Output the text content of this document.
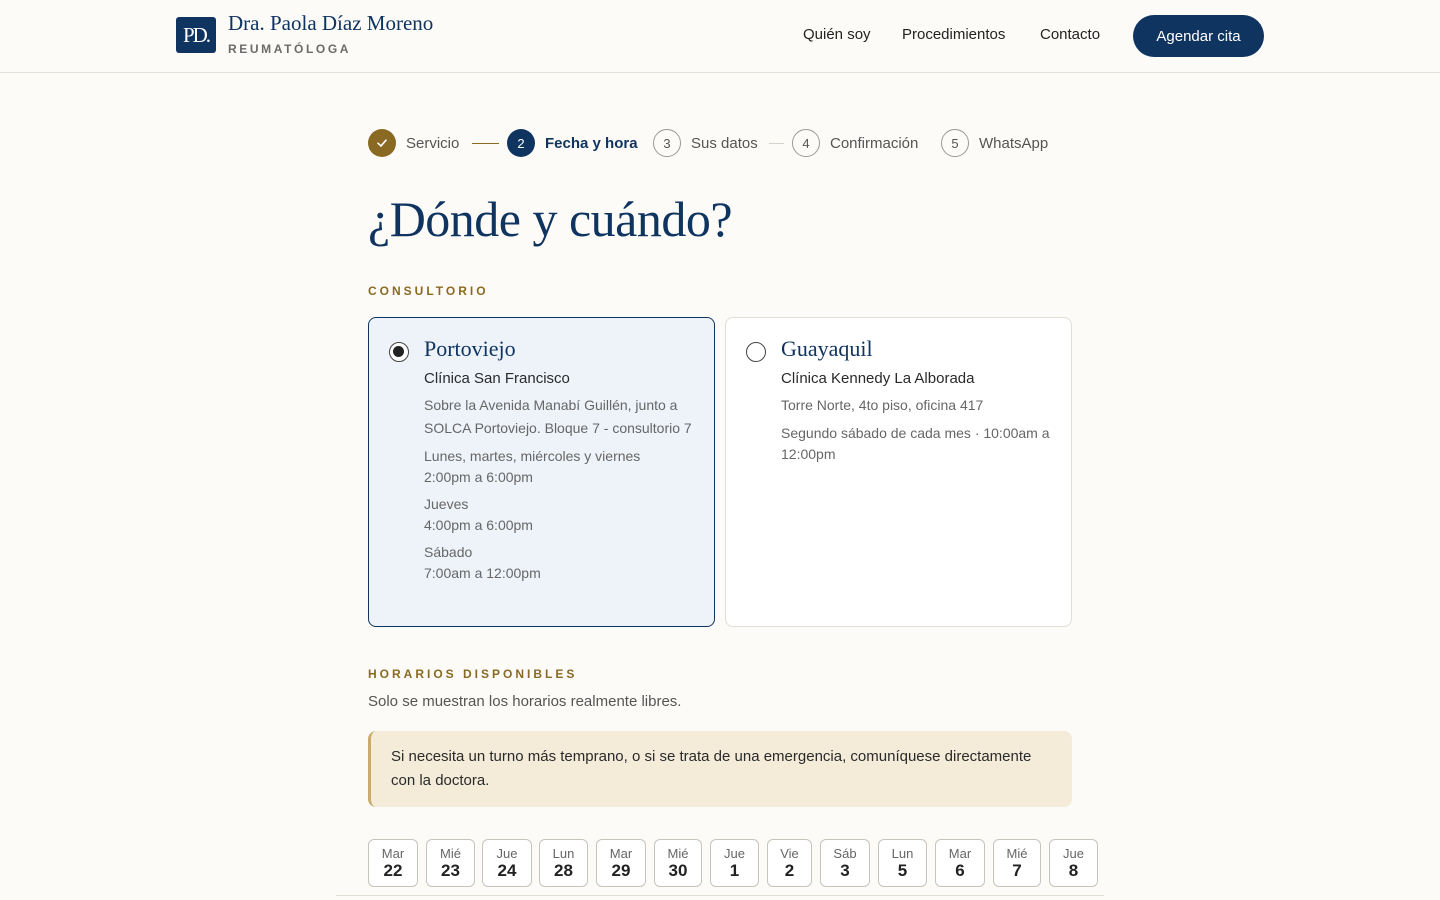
PD. Dra. Paola Díaz Moreno
REUMATÓLOGA
Quién soy Procedimientos Contacto	Agendar cita
Servicio	2	Fecha y hora	3	Sus datos	4	Confirmación	5	WhatsApp
¿Dónde y cuándo?
CONSULTORIO
Portoviejo
Clínica San Francisco
Sobre la Avenida Manabí Guillén, junto a SOLCA Portoviejo. Bloque 7 - consultorio 7
Lunes, martes, miércoles y viernes
2:00pm a 6:00pm
Jueves
4:00pm a 6:00pm
Sábado
7:00am a 12:00pm
Guayaquil
Clínica Kennedy La Alborada
Torre Norte, 4to piso, oficina 417
Segundo sábado de cada mes · 10:00am a 12:00pm
HORARIOS DISPONIBLES
Solo se muestran los horarios realmente libres.
Si necesita un turno más temprano, o si se trata de una emergencia, comuníquese directamente con la doctora.
Mar
22
Mié
23
Jue
24
Lun
28
Mar
29
Mié
30
Jue
1
Vie
2
Sáb
3
Lun
5
Mar
6
Mié
7
Jue
8
